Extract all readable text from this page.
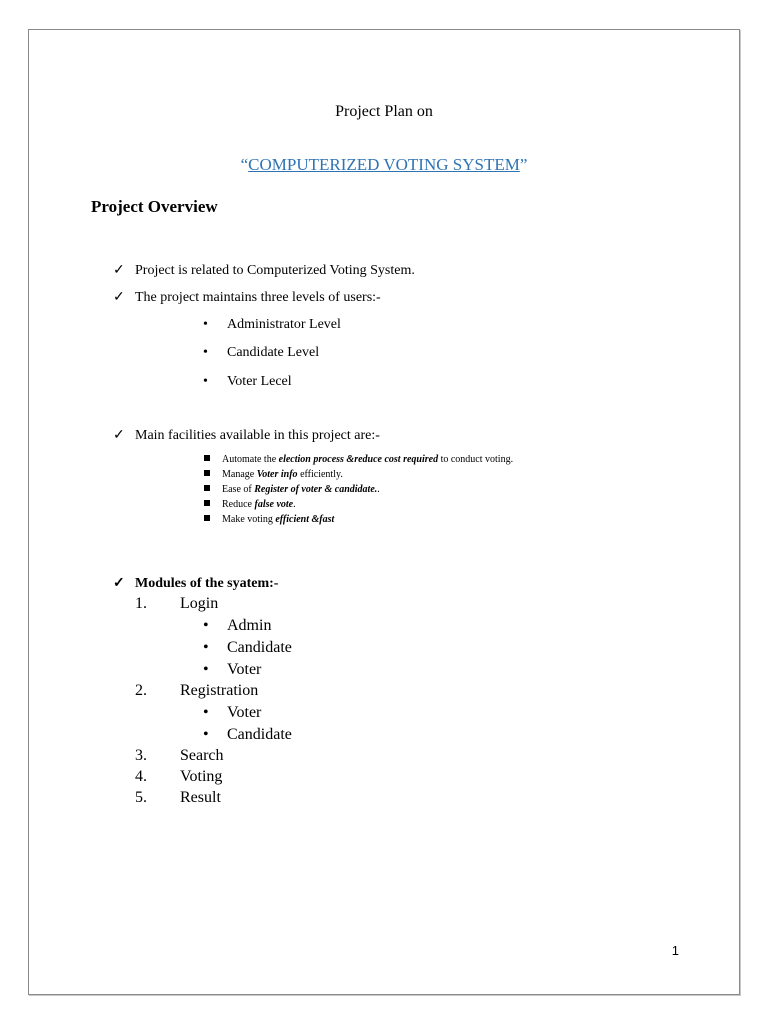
Project Plan on
“COMPUTERIZED VOTING SYSTEM”
Project Overview
✓ Project is related to Computerized Voting System.
✓ The project maintains three levels of users:-
• Administrator Level
• Candidate Level
• Voter Lecel
✓ Main facilities available in this project are:-
Automate the election process &reduce cost required to conduct voting.
Manage Voter info efficiently.
Ease of Register of voter & candidate..
Reduce false vote.
Make voting efficient &fast
✓ Modules of the syatem:-
1. Login
• Admin
• Candidate
• Voter
2. Registration
• Voter
• Candidate
3. Search
4. Voting
5. Result
1
